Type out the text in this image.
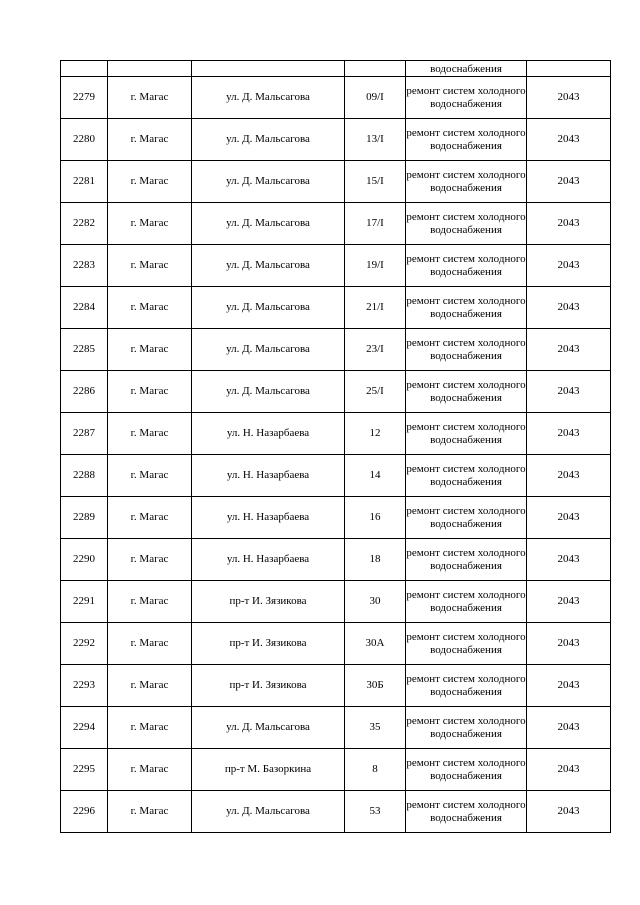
				водоснабжения	
2279	г. Магас	ул. Д. Мальсагова	09/I	ремонт систем холодного водоснабжения	2043
2280	г. Магас	ул. Д. Мальсагова	13/I	ремонт систем холодного водоснабжения	2043
2281	г. Магас	ул. Д. Мальсагова	15/I	ремонт систем холодного водоснабжения	2043
2282	г. Магас	ул. Д. Мальсагова	17/I	ремонт систем холодного водоснабжения	2043
2283	г. Магас	ул. Д. Мальсагова	19/I	ремонт систем холодного водоснабжения	2043
2284	г. Магас	ул. Д. Мальсагова	21/I	ремонт систем холодного водоснабжения	2043
2285	г. Магас	ул. Д. Мальсагова	23/I	ремонт систем холодного водоснабжения	2043
2286	г. Магас	ул. Д. Мальсагова	25/I	ремонт систем холодного водоснабжения	2043
2287	г. Магас	ул. Н. Назарбаева	12	ремонт систем холодного водоснабжения	2043
2288	г. Магас	ул. Н. Назарбаева	14	ремонт систем холодного водоснабжения	2043
2289	г. Магас	ул. Н. Назарбаева	16	ремонт систем холодного водоснабжения	2043
2290	г. Магас	ул. Н. Назарбаева	18	ремонт систем холодного водоснабжения	2043
2291	г. Магас	пр-т И. Зязикова	30	ремонт систем холодного водоснабжения	2043
2292	г. Магас	пр-т И. Зязикова	30А	ремонт систем холодного водоснабжения	2043
2293	г. Магас	пр-т И. Зязикова	30Б	ремонт систем холодного водоснабжения	2043
2294	г. Магас	ул. Д. Мальсагова	35	ремонт систем холодного водоснабжения	2043
2295	г. Магас	пр-т М. Базоркина	8	ремонт систем холодного водоснабжения	2043
2296	г. Магас	ул. Д. Мальсагова	53	ремонт систем холодного водоснабжения	2043
